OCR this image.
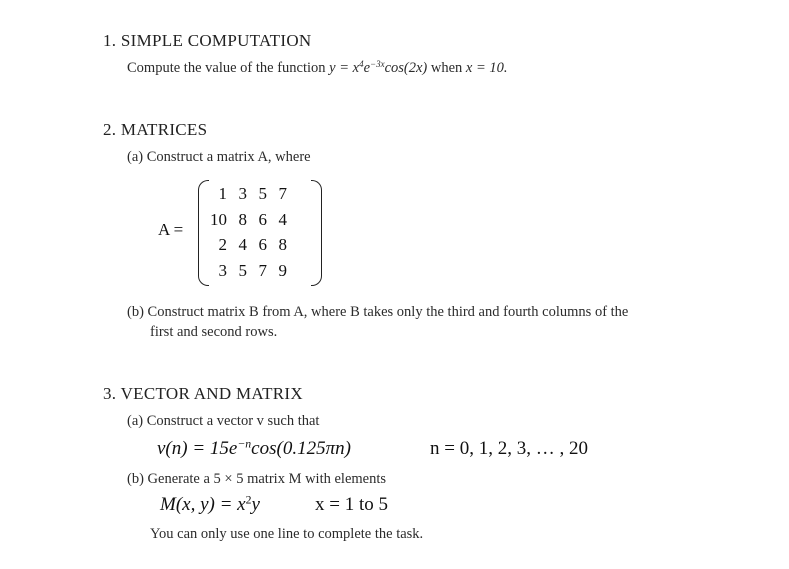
1. SIMPLE COMPUTATION
Compute the value of the function $y = x^4e^{-3x}\cos(2x)$ when x = 10.
2. MATRICES
(a) Construct a matrix A, where
A =
1 3 5 7
10 8 6 4
2 4 6 8
3 5 7 9
(b) Construct matrix B from A, where B takes only the third and fourth columns of the
first and second rows.
3. VECTOR AND MATRIX
(a) Construct a vector v such that
$v(n) = 15e^{-n}\cos(0.125\pi n)$	n = 0, 1, 2, 3, … , 20
(b) Generate a 5 × 5 matrix M with elements
M(x, $y) = x^2y$	x = 1 to 5
You can only use one line to complete the task.
